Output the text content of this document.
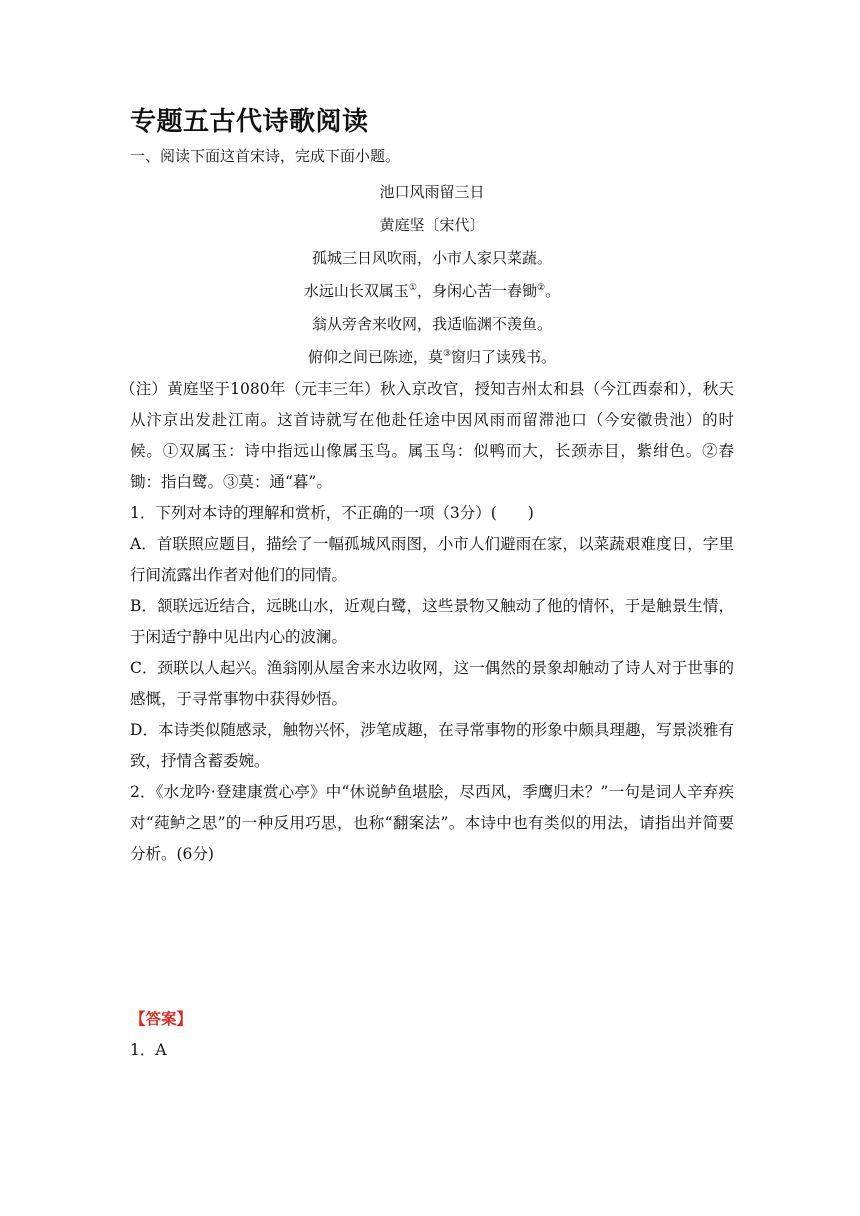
专题五古代诗歌阅读

一、阅读下面这首宋诗，完成下面小题。

池口风雨留三日
黄庭坚〔宋代〕
孤城三日风吹雨，小市人家只菜蔬。
水远山长双属玉①，身闲心苦一舂锄②。
翁从旁舍来收网，我适临渊不羡鱼。
俯仰之间已陈迹，莫③窗归了读残书。

（注）黄庭坚于1080年（元丰三年）秋入京改官，授知吉州太和县（今江西泰和），秋天从汴京出发赴江南。这首诗就写在他赴任途中因风雨而留滞池口（今安徽贵池）的时候。①双属玉：诗中指远山像属玉鸟。属玉鸟：似鸭而大，长颈赤目，紫绀色。②舂锄：指白鹭。③莫：通“暮”。

1．下列对本诗的理解和赏析，不正确的一项（3分）(　　)

A．首联照应题目，描绘了一幅孤城风雨图，小市人们避雨在家，以菜蔬艰难度日，字里行间流露出作者对他们的同情。

B．颔联远近结合，远眺山水，近观白鹭，这些景物又触动了他的情怀，于是触景生情，于闲适宁静中见出内心的波澜。

C．颈联以人起兴。渔翁刚从屋舍来水边收网，这一偶然的景象却触动了诗人对于世事的感慨，于寻常事物中获得妙悟。

D．本诗类似随感录，触物兴怀，涉笔成趣，在寻常事物的形象中颇具理趣，写景淡雅有致，抒情含蓄委婉。

2．《水龙吟·登建康赏心亭》中“休说鲈鱼堪脍，尽西风，季鹰归未？”一句是词人辛弃疾对“莼鲈之思”的一种反用巧思，也称“翻案法”。本诗中也有类似的用法，请指出并简要分析。(6分)

【答案】

1．A
